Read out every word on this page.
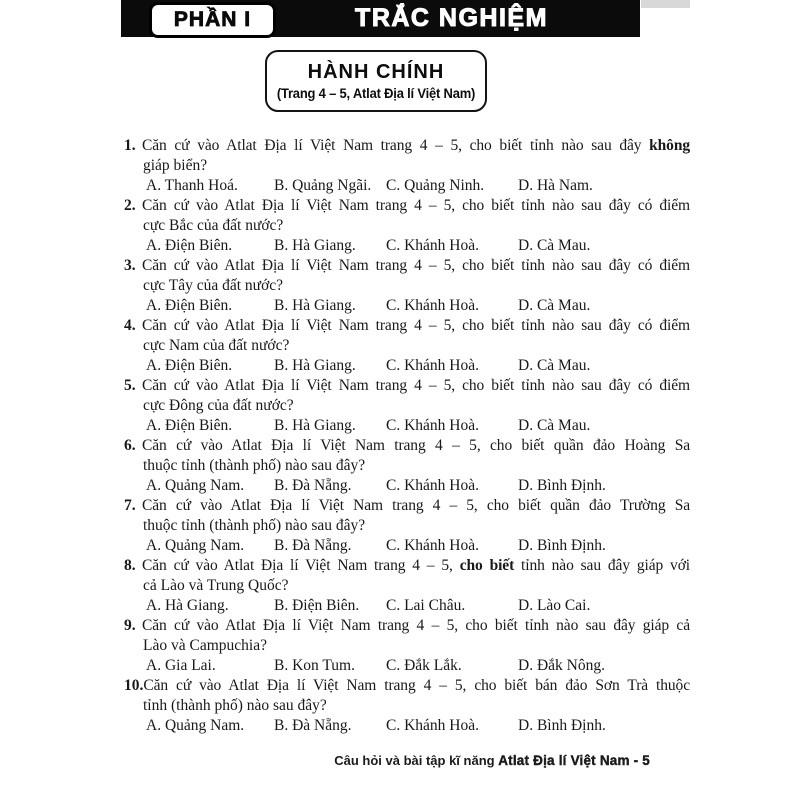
PHẦN I	TRẮC NGHIỆM
HÀNH CHÍNH
(Trang 4 – 5, Atlat Địa lí Việt Nam)
1. Căn cứ vào Atlat Địa lí Việt Nam trang 4 – 5, cho biết tỉnh nào sau đây không
giáp biển?
A. Thanh Hoá.	B. Quảng Ngãi. C. Quảng Ninh.	D. Hà Nam.
2. Căn cứ vào Atlat Địa lí Việt Nam trang 4 – 5, cho biết tỉnh nào sau đây có điểm
cực Bắc của đất nước?
A. Điện Biên.	B. Hà Giang.	C. Khánh Hoà.	D. Cà Mau.
3. Căn cứ vào Atlat Địa lí Việt Nam trang 4 – 5, cho biết tỉnh nào sau đây có điểm
cực Tây của đất nước?
A. Điện Biên.	B. Hà Giang.	C. Khánh Hoà.	D. Cà Mau.
4. Căn cứ vào Atlat Địa lí Việt Nam trang 4 – 5, cho biết tỉnh nào sau đây có điểm
cực Nam của đất nước?
A. Điện Biên.	B. Hà Giang.	C. Khánh Hoà.	D. Cà Mau.
5. Căn cứ vào Atlat Địa lí Việt Nam trang 4 – 5, cho biết tỉnh nào sau đây có điểm
cực Đông của đất nước?
A. Điện Biên.	B. Hà Giang.	C. Khánh Hoà.	D. Cà Mau.
6. Căn cứ vào Atlat Địa lí Việt Nam trang 4 – 5, cho biết quần đảo Hoàng Sa
thuộc tỉnh (thành phố) nào sau đây?
A. Quảng Nam.	B. Đà Nẵng.	C. Khánh Hoà.	D. Bình Định.
7. Căn cứ vào Atlat Địa lí Việt Nam trang 4 – 5, cho biết quần đảo Trường Sa
thuộc tỉnh (thành phố) nào sau đây?
A. Quảng Nam.	B. Đà Nẵng.	C. Khánh Hoà.	D. Bình Định.
8. Căn cứ vào Atlat Địa lí Việt Nam trang 4 – 5, cho biết tỉnh nào sau đây giáp với
cả Lào và Trung Quốc?
A. Hà Giang.	B. Điện Biên.	C. Lai Châu.	D. Lào Cai.
9. Căn cứ vào Atlat Địa lí Việt Nam trang 4 – 5, cho biết tỉnh nào sau đây giáp cả
Lào và Campuchia?
A. Gia Lai.	B. Kon Tum.	C. Đắk Lắk.	D. Đắk Nông.
10. Căn cứ vào Atlat Địa lí Việt Nam trang 4 – 5, cho biết bán đảo Sơn Trà thuộc
tỉnh (thành phố) nào sau đây?
A. Quảng Nam.	B. Đà Nẵng.	C. Khánh Hoà.	D. Bình Định.
Câu hỏi và bài tập kĩ năng Atlat Địa lí Việt Nam - 5
